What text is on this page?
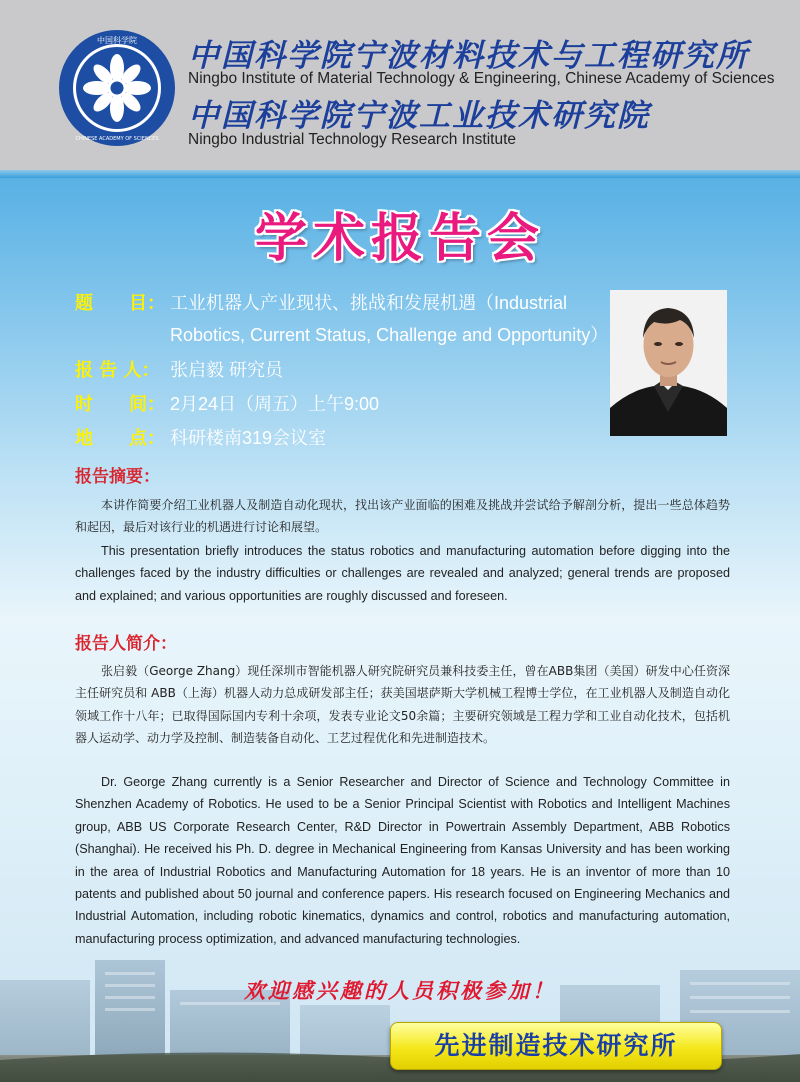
中国科学院
CHINESE ACADEMY OF SCIENCES
中国科学院宁波材料技术与工程研究所
Ningbo Institute of Material Technology & Engineering, Chinese Academy of Sciences
中国科学院宁波工业技术研究院
Ningbo Industrial Technology Research Institute
学术报告会
题　　目： 工业机器人产业现状、挑战和发展机遇（Industrial
Robotics, Current Status, Challenge and Opportunity）
报 告 人： 张启毅 研究员
时　　间： 2月24日（周五）上午9:00
地　　点： 科研楼南319会议室
报告摘要：

本讲作简要介绍工业机器人及制造自动化现状，找出该产业面临的困难及挑战并尝试给予解剖分析，提出一些总体趋势和起因，最后对该行业的机遇进行讨论和展望。

This presentation briefly introduces the status robotics and manufacturing automation before digging into the challenges faced by the industry difficulties or challenges are revealed and analyzed; general trends are proposed and explained; and various opportunities are roughly discussed and foreseen.

报告人简介：

张启毅（George Zhang）现任深圳市智能机器人研究院研究员兼科技委主任，曾在ABB集团（美国）研发中心任资深主任研究员和 ABB（上海）机器人动力总成研发部主任；获美国堪萨斯大学机械工程博士学位，在工业机器人及制造自动化领域工作十八年；已取得国际国内专利十余项，发表专业论文50余篇；主要研究领域是工程力学和工业自动化技术，包括机器人运动学、动力学及控制、制造装备自动化、工艺过程优化和先进制造技术。

Dr. George Zhang currently is a Senior Researcher and Director of Science and Technology Committee in Shenzhen Academy of Robotics. He used to be a Senior Principal Scientist with Robotics and Intelligent Machines group, ABB US Corporate Research Center, R&D Director in Powertrain Assembly Department, ABB Robotics (Shanghai). He received his Ph. D. degree in Mechanical Engineering from Kansas University and has been working in the area of Industrial Robotics and Manufacturing Automation for 18 years. He is an inventor of more than 10 patents and published about 50 journal and conference papers. His research focused on Engineering Mechanics and Industrial Automation, including robotic kinematics, dynamics and control, robotics and manufacturing automation, manufacturing process optimization, and advanced manufacturing technologies.

欢迎感兴趣的人员积极参加！
先进制造技术研究所
